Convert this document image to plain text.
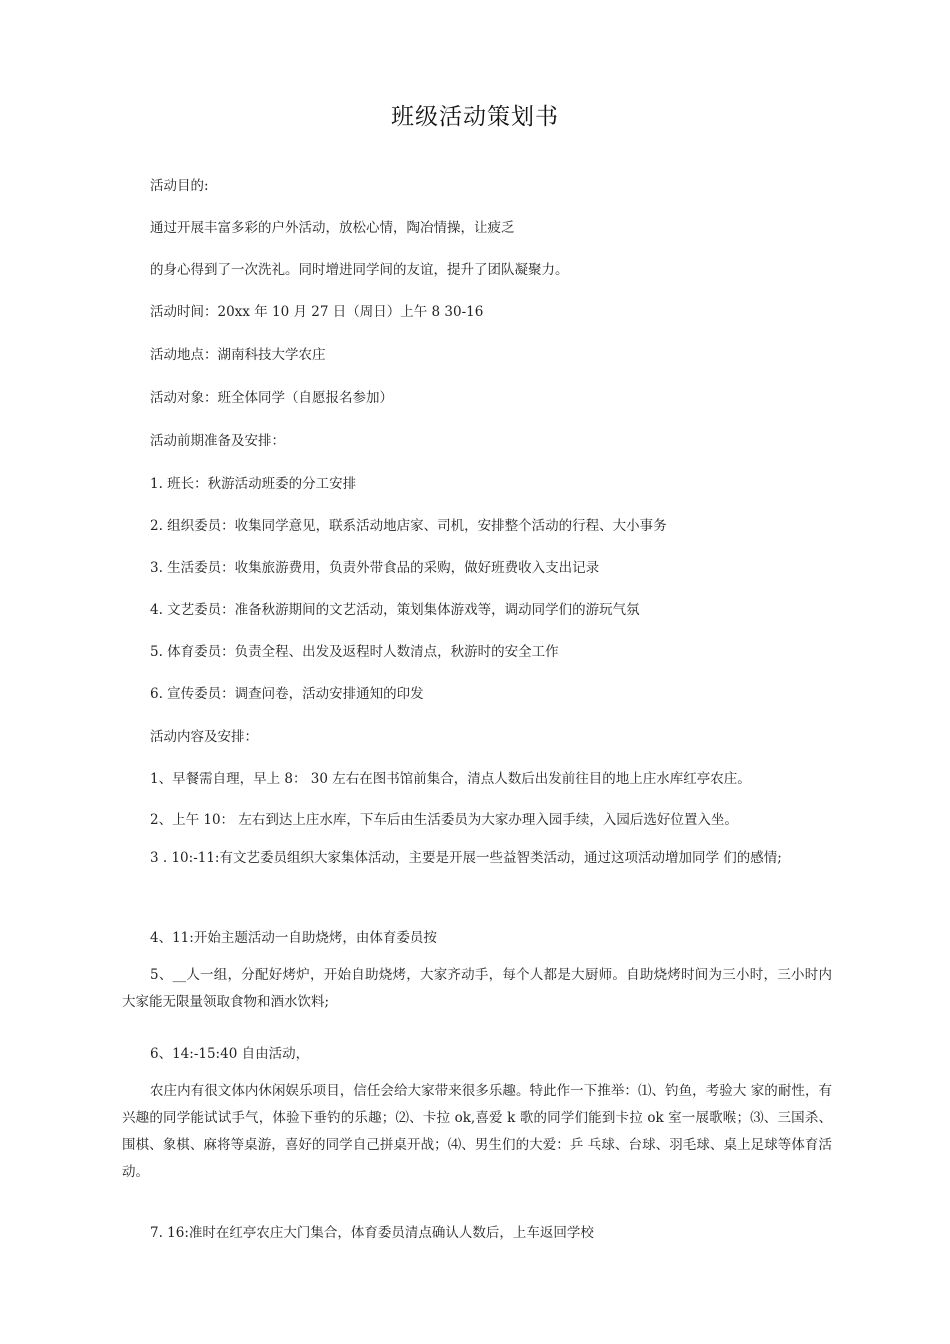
班级活动策划书

活动目的:

通过开展丰富多彩的户外活动，放松心情，陶冶情操，让疲乏

的身心得到了一次洗礼。同时增进同学间的友谊，提升了团队凝聚力。

活动时间：20xx 年 10 月 27 日（周日）上午 8 30-16

活动地点：湖南科技大学农庄

活动对象：班全体同学（自愿报名参加）

活动前期准备及安排：

1. 班长：秋游活动班委的分工安排

2. 组织委员：收集同学意见，联系活动地店家、司机，安排整个活动的行程、大小事务

3. 生活委员：收集旅游费用，负责外带食品的采购，做好班费收入支出记录

4. 文艺委员：准备秋游期间的文艺活动，策划集体游戏等，调动同学们的游玩气氛

5. 体育委员：负责全程、出发及返程时人数清点，秋游时的安全工作

6. 宣传委员：调查问卷，活动安排通知的印发

活动内容及安排：

1、早餐需自理，早上 8： 30 左右在图书馆前集合，清点人数后出发前往目的地上庄水库红亭农庄。

2、上午 10： 左右到达上庄水库，下车后由生活委员为大家办理入园手续，入园后选好位置入坐。

3 . 10:-11:有文艺委员组织大家集体活动，主要是开展一些益智类活动，通过这项活动增加同学 们的感情;

4、11:开始主题活动一自助烧烤，由体育委员按

5、__人一组，分配好烤炉，开始自助烧烤，大家齐动手，每个人都是大厨师。自助烧烤时间为三小时，三小时内大家能无限量领取食物和酒水饮料;

6、14:-15:40 自由活动，

农庄内有很文体内休闲娱乐项目，信任会给大家带来很多乐趣。特此作一下推举：⑴、钓鱼，考验大 家的耐性，有兴趣的同学能试试手气，体验下垂钓的乐趣；⑵、卡拉 ok,喜爱 k 歌的同学们能到卡拉 ok 室一展歌喉；⑶、三国杀、围棋、象棋、麻将等桌游，喜好的同学自己拼桌开战；⑷、男生们的大爱：乒 乓球、台球、羽毛球、桌上足球等体育活动。

7. 16:准时在红亭农庄大门集合，体育委员清点确认人数后，上车返回学校
